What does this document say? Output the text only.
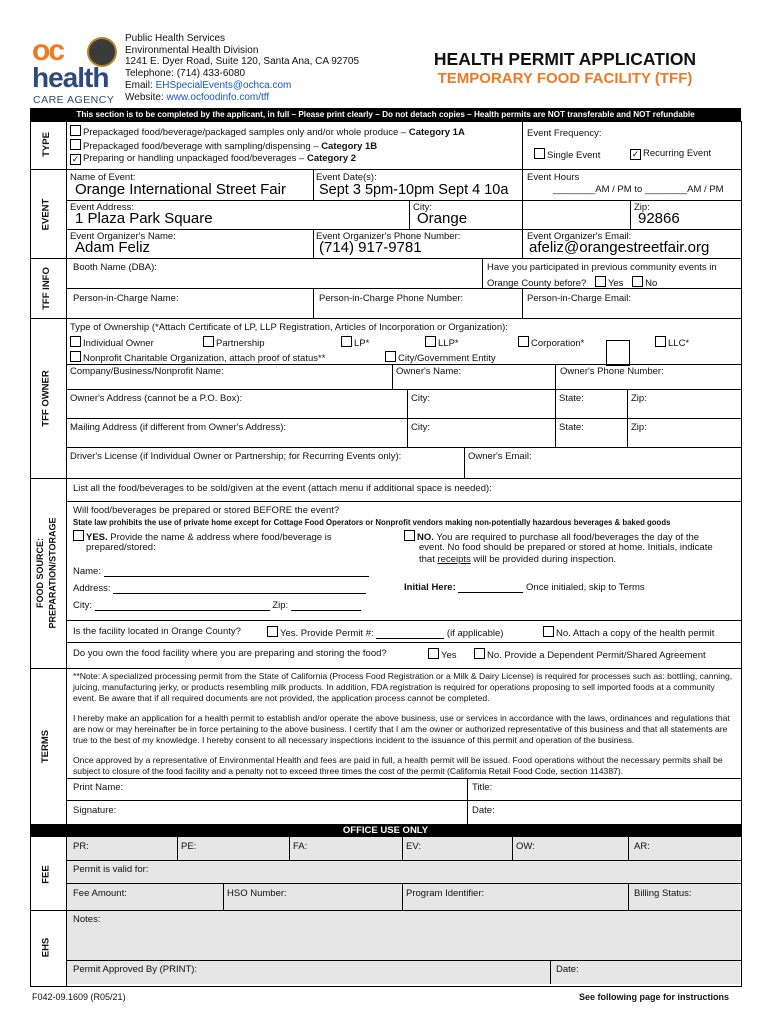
oc
health
CARE AGENCY
Public Health Services
Environmental Health Division
1241 E. Dyer Road, Suite 120, Santa Ana, CA 92705
Telephone: (714) 433-6080
Email: EHSpecialEvents@ochca.com
Website: www.ocfoodinfo.com/tff
HEALTH PERMIT APPLICATION
TEMPORARY FOOD FACILITY (TFF)
This section is to be completed by the applicant, in full – Please print clearly – Do not detach copies – Health permits are NOT transferable and NOT refundable
TYPE
EVENT
TFF INFO
TFF OWNER
FOOD SOURCE: PREPARATION/STORAGE
TERMS
FEE
EHS
Prepackaged food/beverage/packaged samples only and/or whole produce – Category 1A
Prepackaged food/beverage with sampling/dispensing – Category 1B
✓ Preparing or handling unpackaged food/beverages – Category 2
Event Frequency:
Single Event	✓ Recurring Event
Name of Event:
Orange International Street Fair
Event Date(s):
Sept 3 5pm-10pm Sept 4 10a
Event Hours
________AM / PM to ________AM / PM
Event Address:
1 Plaza Park Square
City:
Orange
Zip:
92866
Event Organizer's Name:
Adam Feliz
Event Organizer's Phone Number:
(714) 917-9781
Event Organizer's Email:
afeliz@orangestreetfair.org
Booth Name (DBA):	Have you participated in previous community events in
Orange County before? Yes No
Person-in-Charge Name:	Person-in-Charge Phone Number:	Person-in-Charge Email:
Type of Ownership (*Attach Certificate of LP, LLP Registration, Articles of Incorporation or Organization):
Individual Owner	Partnership	LP*	LLP*	Corporation*	LLC*
Nonprofit Charitable Organization, attach proof of status**	City/Government Entity
Company/Business/Nonprofit Name:	Owner's Name:	Owner's Phone Number:
Owner's Address (cannot be a P.O. Box):	City:	State:	Zip:
Mailing Address (if different from Owner's Address):	City:	State:	Zip:
Driver's License (if Individual Owner or Partnership; for Recurring Events only):	Owner's Email:
List all the food/beverages to be sold/given at the event (attach menu if additional space is needed):
Will food/beverages be prepared or stored BEFORE the event?
State law prohibits the use of private home except for Cottage Food Operators or Nonprofit vendors making non-potentially hazardous beverages & baked goods
YES. Provide the name & address where food/beverage is
prepared/stored:
NO. You are required to purchase all food/beverages the day of the
event. No food should be prepared or stored at home. Initials, indicate
that receipts will be provided during inspection.
Name:
Address:
City:	Zip:
Initial Here:	Once initialed, skip to Terms
Is the facility located in Orange County?	Yes. Provide Permit #:	(if applicable)	No. Attach a copy of the health permit
Do you own the food facility where you are preparing and storing the food?	Yes	No. Provide a Dependent Permit/Shared Agreement
**Note: A specialized processing permit from the State of California (Process Food Registration or a Milk & Dairy License) is required for processes such as: bottling, canning, juicing, manufacturing jerky, or products resembling milk products. In addition, FDA registration is required for operations proposing to sell imported foods at a community event. Be aware that if all required documents are not provided, the application process cannot be completed.
I hereby make an application for a health permit to establish and/or operate the above business, use or services in accordance with the laws, ordinances and regulations that are now or may hereinafter be in force pertaining to the above business. I certify that I am the owner or authorized representative of this business and that all statements are true to the best of my knowledge. I hereby consent to all necessary inspections incident to the issuance of this permit and operation of the business.
Once approved by a representative of Environmental Health and fees are paid in full, a health permit will be issued. Food operations without the necessary permits shall be subject to closure of the food facility and a penalty not to exceed three times the cost of the permit (California Retail Food Code, section 114387).
Print Name:	Title:
Signature:	Date:
OFFICE USE ONLY
PR:	PE:	FA:	EV:	OW:	AR:
Permit is valid for:
Fee Amount:	HSO Number:	Program Identifier:	Billing Status:
Notes:
Permit Approved By (PRINT):	Date:
F042-09.1609 (R05/21)	See following page for instructions
